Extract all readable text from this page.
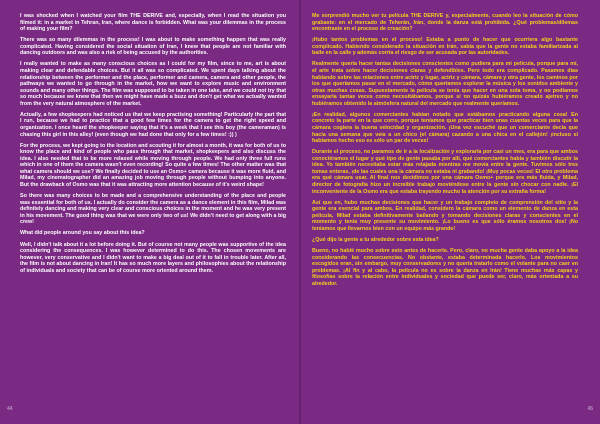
I was shocked when I watched your film THE DERIVE and, especially, when I read the situation you filmed it: in a market in Tehran, Iran, where dance is forbidden. What was your dilemmas in the process of making your film?

There was so many dilemmas in the process! I was about to make something happen that was really complicated. Having considered the social situation of Iran, I knew that people are not familiar with dancing outdoors and was also a risk of being accused by the authorities.

I really wanted to make as many conscious choices as I could for my film, since to me, art is about making clear and defendable choices. But it all was so complicated. We spent days talking about the relationship between the performer and the place, performer and camera, camera and other people, the pathways we wanted to go through in the market, how we want to explore music and environment sounds and many other things. The film was supposed to be taken in one take, and we could not try that so much because we knew that then we might have made a buzz and don't get what we actually wanted from the very natural atmosphere of the market.

Actually, a few shopkeepers had noticed us that we keep practising something! Particularly the part that I run, because we had to practice that a good few times for the camera to get the right speed and organization. I once heard the shopkeeper saying that it's a week that I see this boy (the cameraman) is chasing this girl in this alley! (even though we had done that only for a few times! :)) )

For the process, we kept going to the location and scouting it for almost a month, it was for both of us to know the place and kind of people who pass through that market, shopkeepers and also discuss the idea. I also needed that to be more relaxed while moving through people. We had only three full runs which in one of them the camera wasn't even recording! So quite a few times! The other matter was that what camera should we use? We finally decided to use an Osmo+ camera because it was more fluid, and Milad, my cinematographer did an amazing job moving through people without bumping into anyone. But the drawback of Osmo was that it was attracting more attention because of it's weird shape!

So there was many choices to be made and a comprehensive understanding of the place and people was essential for both of us. I actually do consider the camera as a dance element in this film, Milad was definitely dancing and making very clear and conscious choices in the moment and he was very present in his movement. The good thing was that we were only two of us! We didn't need to get along with a big crew!

What did people around you say about this idea?

Well, I didn't talk about it a lot before doing it. But of course not many people was supportive of the idea considering the consequences. I was however determined to do this. The chosen movements are however, very conservative and I didn't want to make a big deal out of it to fall in trouble later. After all, the film is not about dancing in Iran! It has so much more layers and philosophies about the relationship of individuals and society that can be of course more oriented around them.

44

Me sorprendió mucho ver tu película THE DERIVE y, especialmente, cuando leo la situación de cómo grabaste: en el mercado de Teherán, Irán, donde la danza está prohibida. ¿Qué problemas/dilemas encontraste en el proceso de creación?

¡Hubo tantos problemas en el proceso! Estaba a punto de hacer que ocurriera algo bastante complicado. Habiendo considerado la situación en Irán, sabía que la gente no estaba familiarizada al baile en la calle y además corría el riesgo de ser acusada por las autoridades.

Realmente quería hacer tantas decisiones conscientes como pudiera para mi película, porque para mí, el arte trata sobre hacer decisiones claras y defendibles. Pero todo era complicado. Pasamos días hablando sobre las relaciones entre actriz y lugar, actriz y cámara, cámara y otra gente, los caminos por los que queríamos pasar en el mercado, cómo queríamos explorar la música y los sonidos ambiente y otras muchas cosas. Supuestamente la película se tenía que hacer en una sola toma, y no podíamos ensayarla tantas veces como necesitábamos, porque si no quizás hubiéramos creado ajetreo y no hubiéramos obtenido la atmósfera natural del mercado que realmente queríamos.

¡En realidad, algunos comerciantes habían notado que estábamos practicando alguna cosa! En concreto la parte en la que corro, porque teníamos que practicar bien unas cuantas veces para que la cámara cogiera la buena velocidad y organización. ¡Una vez escuché que un comerciante decía que hacía una semana que veía a un chico (el cámara) cazando a una chica en el callejón! ¡incluso si habíamos hecho eso es sólo un par de veces!

Durante el proceso, no paramos de ir a la localización y explorarla por casi un mes, era para que ambos conociéramos el lugar y qué tipo de gente pasaba por allí, qué comerciantes había y también discutir la idea. Yo también necesitaba estar más relajada mientras me movía entre la gente. Tuvimos sólo tres tomas enteras, ¡de las cuales una la cámara no estaba ni grabando! ¡Muy pocas veces! El otro problema era qué cámara usar. Al final nos decidimos por una cámara Osmo+ porque era más fluida, y Milad, director de fotografía hizo un increíble trabajo moviéndose entre la gente sin chocar con nadie. ¡El inconveniente de la Osmo era que estaba trayendo mucho la atención por su extraña forma!

Así que en, hubo muchas decisiones que hacer y un trabajo completo de comprensión del sitio y la gente era esencial para ambos. En realidad, considero la cámara como un elemento de danza en esta película, Milad estaba definitivamente bailando y tomando decisiones claras y conscientes en el momento y tenía muy presente su movimiento. ¡Lo bueno es que sólo éramos nosotros dos! ¡No teníamos que llevarnos bien con un equipo más grande!

¿Qué dijo la gente a tu alrededor sobre esta idea?

Bueno, no hablé mucho sobre esto antes de hacerlo. Pero, claro, no mucha gente daba apoyo a la idea considerando las consecuencias. No obstante, estaba determinada hacerlo. Los movimientos escogidos eran, sin embargo, muy conservadores y no quería tratarlo como el volante para no caer en problemas. ¡Al fin y al cabo, la película no es sobre la danza en Irán! Tiene muchas más capas y filosofías sobre la relación entre individuales y sociedad que puede ser, claro, más orientada a su alrededor.

45
